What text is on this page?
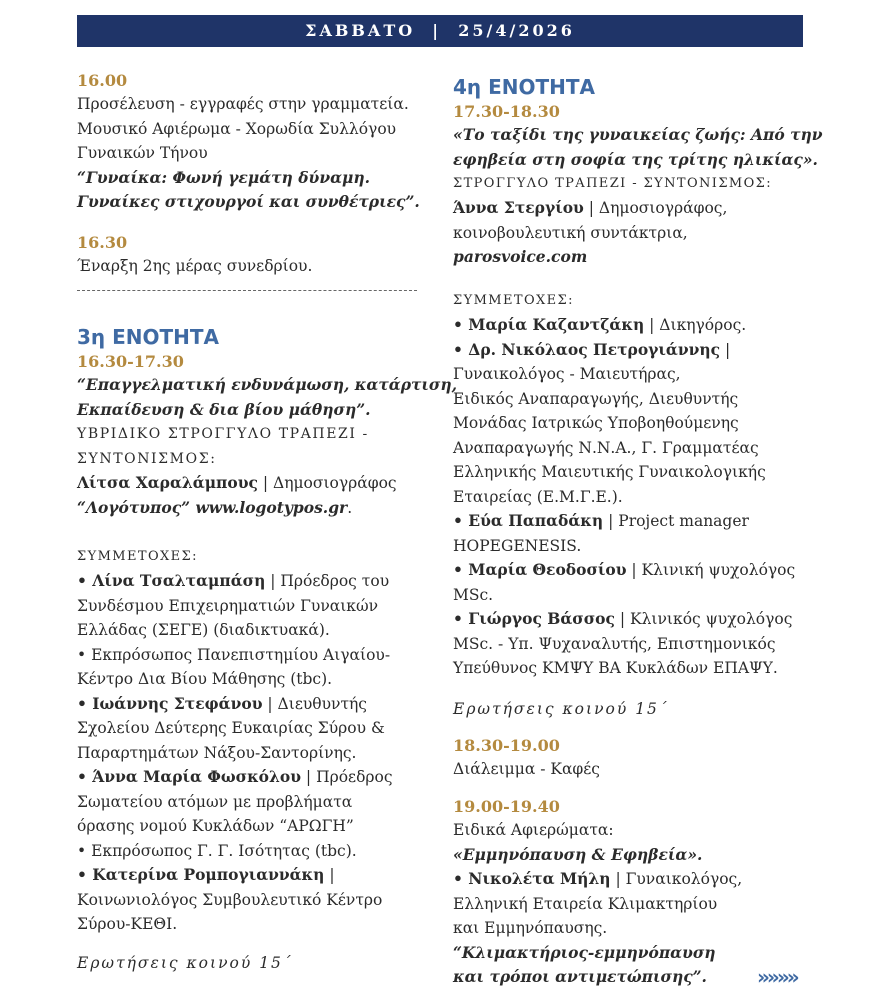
ΣΑΒΒΑΤΟ  |  25/4/2026
16.00
Προσέλευση - εγγραφές στην γραμματεία.
Μουσικό Αφιέρωμα - Χορωδία Συλλόγου
Γυναικών Τήνου
“Γυναίκα: Φωνή γεμάτη δύναμη.
Γυναίκες στιχουργοί και συνθέτριες”.
16.30
Έναρξη 2ης μέρας συνεδρίου.
3η ΕΝΟΤΗΤΑ
16.30-17.30
“Επαγγελματική ενδυνάμωση, κατάρτιση,
Εκπαίδευση & δια βίου μάθηση”.
ΥΒΡΙΔΙΚΟ ΣΤΡΟΓΓΥΛΟ ΤΡΑΠΕΖΙ -
ΣΥΝΤΟΝΙΣΜΟΣ:
Λίτσα Χαραλάμπους | Δημοσιογράφος
“Λογότυπος” www.logotypos.gr.
ΣΥΜΜΕΤΟΧΕΣ:
• Λίνα Τσαλταμπάση | Πρόεδρος του
Συνδέσμου Επιχειρηματιών Γυναικών
Ελλάδας (ΣΕΓΕ) (διαδικτυακά).
• Εκπρόσωπος Πανεπιστημίου Αιγαίου-
Κέντρο Δια Βίου Μάθησης (tbc).
• Ιωάννης Στεφάνου | Διευθυντής
Σχολείου Δεύτερης Ευκαιρίας Σύρου &
Παραρτημάτων Νάξου-Σαντορίνης.
• Άννα Μαρία Φωσκόλου | Πρόεδρος
Σωματείου ατόμων με προβλήματα
όρασης νομού Κυκλάδων “ΑΡΩΓΗ”
• Εκπρόσωπος Γ. Γ. Ισότητας (tbc).
• Κατερίνα Ρομπογιαννάκη |
Κοινωνιολόγος Συμβουλευτικό Κέντρο
Σύρου-ΚΕΘΙ.
Ερωτήσεις κοινού 15΄
4η ΕΝΟΤΗΤΑ
17.30-18.30
«Το ταξίδι της γυναικείας ζωής: Από την
εφηβεία στη σοφία της τρίτης ηλικίας».
ΣΤΡΟΓΓΥΛΟ ΤΡΑΠΕΖΙ - ΣΥΝΤΟΝΙΣΜΟΣ:
Άννα Στεργίου | Δημοσιογράφος,
κοινοβουλευτική συντάκτρια,
parosvoice.com
ΣΥΜΜΕΤΟΧΕΣ:
• Μαρία Καζαντζάκη | Δικηγόρος.
• Δρ. Νικόλαος Πετρογιάννης |
Γυναικολόγος - Μαιευτήρας,
Ειδικός Αναπαραγωγής, Διευθυντής
Μονάδας Ιατρικώς Υποβοηθούμενης
Αναπαραγωγής Ν.Ν.Α., Γ. Γραμματέας
Ελληνικής Μαιευτικής Γυναικολογικής
Εταιρείας (Ε.Μ.Γ.Ε.).
• Εύα Παπαδάκη | Project manager
HOPEGENESIS.
• Μαρία Θεοδοσίου | Κλινική ψυχολόγος
MSc.
• Γιώργος Βάσσος | Κλινικός ψυχολόγος
MSc. - Υπ. Ψυχαναλυτής, Επιστημονικός
Υπεύθυνος ΚΜΨΥ ΒΑ Κυκλάδων ΕΠΑΨΥ.
Ερωτήσεις κοινού 15΄
18.30-19.00
Διάλειμμα - Καφές
19.00-19.40
Ειδικά Αφιερώματα:
«Εμμηνόπαυση & Εφηβεία».
• Νικολέτα Μήλη | Γυναικολόγος,
Ελληνική Εταιρεία Κλιμακτηρίου
και Εμμηνόπαυσης.
“Κλιμακτήριος-εμμηνόπαυση
και τρόποι αντιμετώπισης”.	»»»»
